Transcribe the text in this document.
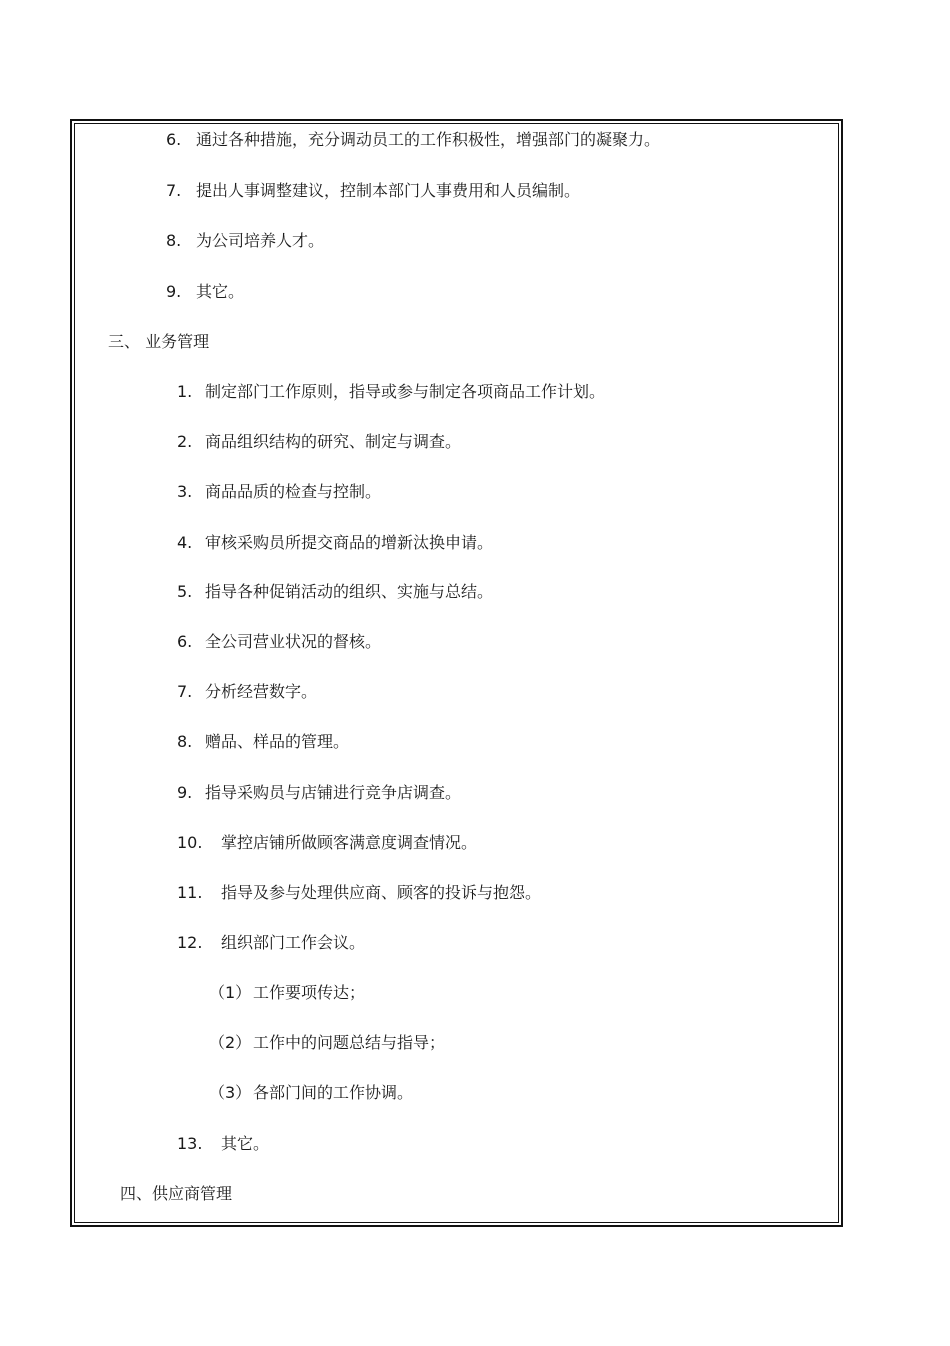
6. 通过各种措施，充分调动员工的工作积极性，增强部门的凝聚力。
7. 提出人事调整建议，控制本部门人事费用和人员编制。
8. 为公司培养人才。
9. 其它。
三、 业务管理
1. 制定部门工作原则，指导或参与制定各项商品工作计划。
2. 商品组织结构的研究、制定与调查。
3. 商品品质的检查与控制。
4. 审核采购员所提交商品的增新汰换申请。
5. 指导各种促销活动的组织、实施与总结。
6. 全公司营业状况的督核。
7. 分析经营数字。
8. 赠品、样品的管理。
9. 指导采购员与店铺进行竞争店调查。
10. 掌控店铺所做顾客满意度调查情况。
11. 指导及参与处理供应商、顾客的投诉与抱怨。
12. 组织部门工作会议。
（1） 工作要项传达；
（2） 工作中的问题总结与指导；
（3） 各部门间的工作协调。
13. 其它。
四、供应商管理
